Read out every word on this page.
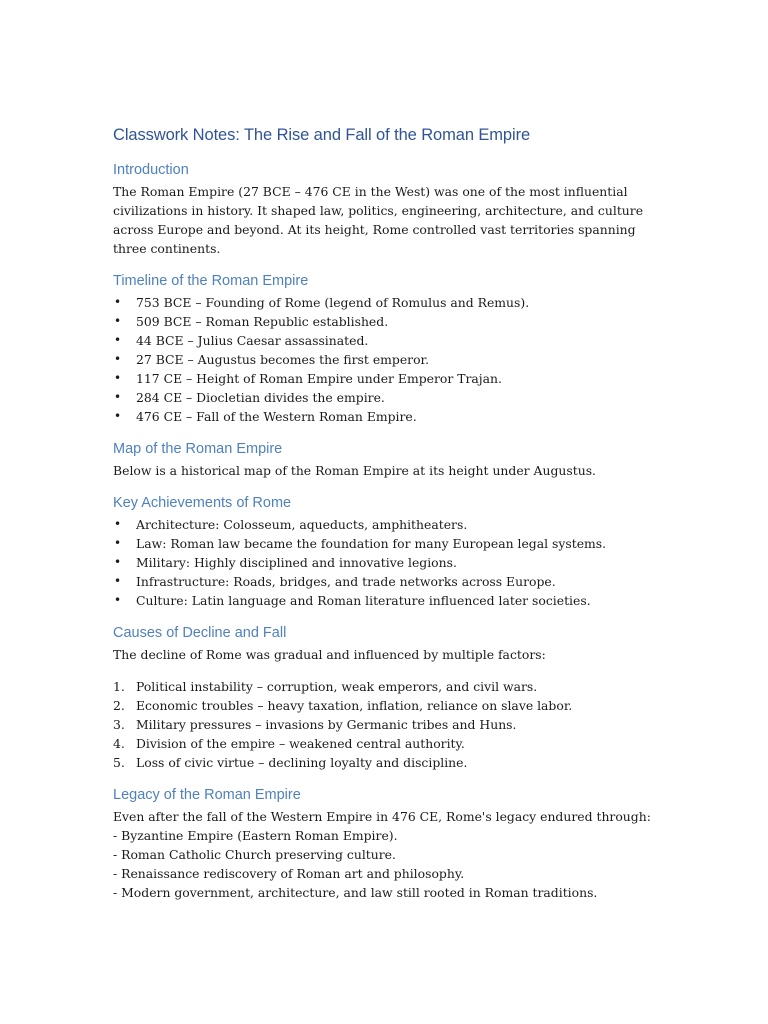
Classwork Notes: The Rise and Fall of the Roman Empire
Introduction

The Roman Empire (27 BCE – 476 CE in the West) was one of the most influential civilizations in history. It shaped law, politics, engineering, architecture, and culture across Europe and beyond. At its height, Rome controlled vast territories spanning three continents.

Timeline of the Roman Empire
• 753 BCE – Founding of Rome (legend of Romulus and Remus).
• 509 BCE – Roman Republic established.
• 44 BCE – Julius Caesar assassinated.
• 27 BCE – Augustus becomes the first emperor.
• 117 CE – Height of Roman Empire under Emperor Trajan.
• 284 CE – Diocletian divides the empire.
• 476 CE – Fall of the Western Roman Empire.
Map of the Roman Empire

Below is a historical map of the Roman Empire at its height under Augustus.

Key Achievements of Rome
• Architecture: Colosseum, aqueducts, amphitheaters.
• Law: Roman law became the foundation for many European legal systems.
• Military: Highly disciplined and innovative legions.
• Infrastructure: Roads, bridges, and trade networks across Europe.
• Culture: Latin language and Roman literature influenced later societies.
Causes of Decline and Fall

The decline of Rome was gradual and influenced by multiple factors:

1. Political instability – corruption, weak emperors, and civil wars.
2. Economic troubles – heavy taxation, inflation, reliance on slave labor.
3. Military pressures – invasions by Germanic tribes and Huns.
4. Division of the empire – weakened central authority.
5. Loss of civic virtue – declining loyalty and discipline.
Legacy of the Roman Empire

Even after the fall of the Western Empire in 476 CE, Rome's legacy endured through:

- Byzantine Empire (Eastern Roman Empire).

- Roman Catholic Church preserving culture.

- Renaissance rediscovery of Roman art and philosophy.

- Modern government, architecture, and law still rooted in Roman traditions.
